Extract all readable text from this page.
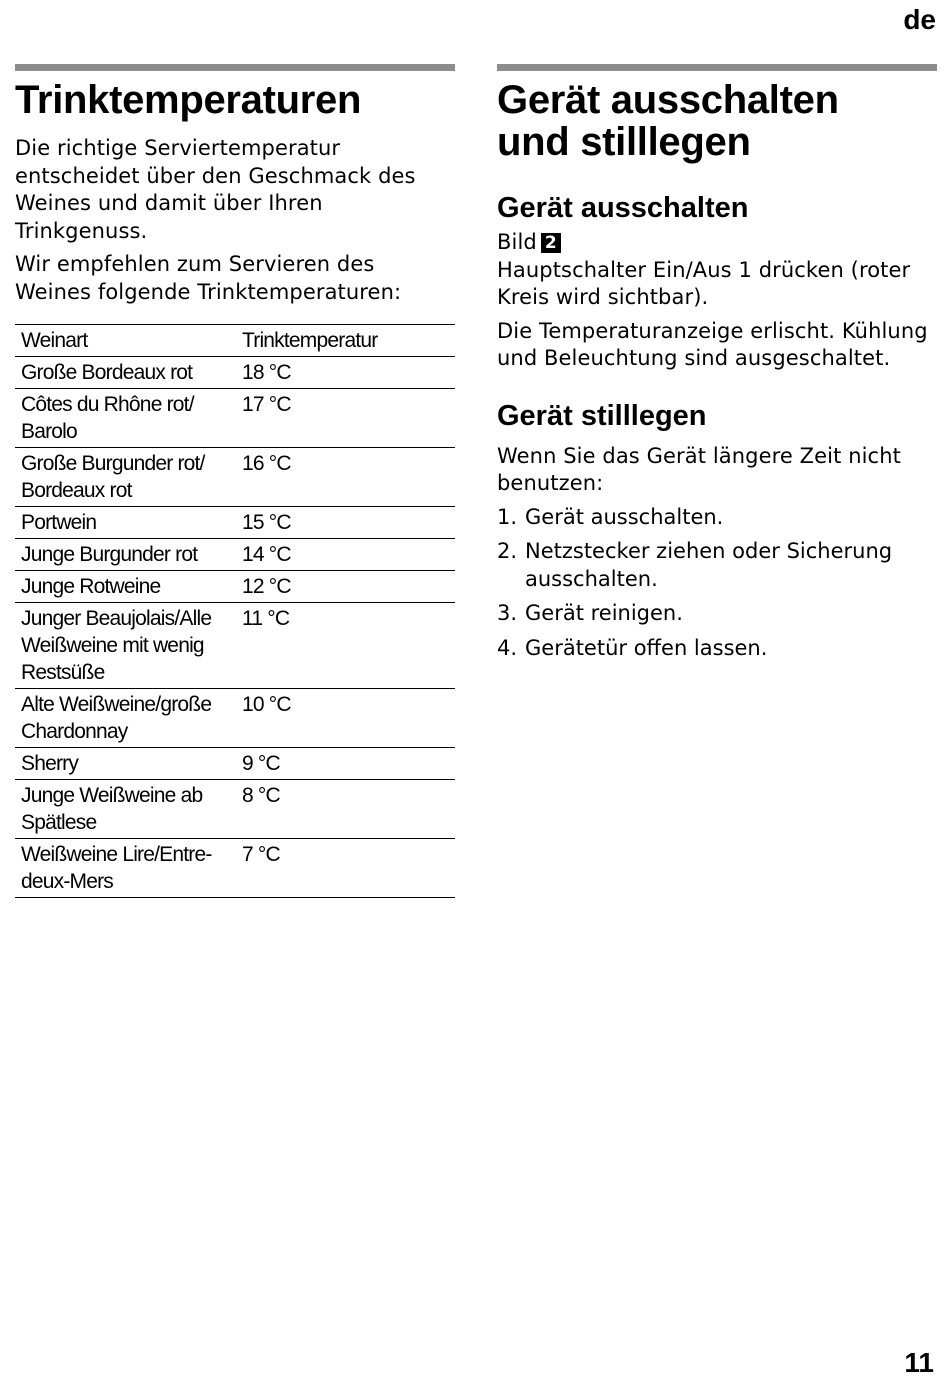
de
Trinktemperaturen

Die richtige Serviertemperatur entscheidet über den Geschmack des Weines und damit über Ihren Trinkgenuss.

Wir empfehlen zum Servieren des Weines folgende Trinktemperaturen:

Weinart	Trinktemperatur
Große Bordeaux rot	18 °C
Côtes du Rhône rot/ Barolo	17 °C
Große Burgunder rot/ Bordeaux rot	16 °C
Portwein	15 °C
Junge Burgunder rot	14 °C
Junge Rotweine	12 °C
Junger Beaujolais/Alle Weißweine mit wenig Restsüße	11 °C
Alte Weißweine/große Chardonnay	10 °C
Sherry	9 °C
Junge Weißweine ab Spätlese	8 °C
Weißweine Lire/Entre-deux-Mers	7 °C
Gerät ausschalten
und stilllegen
Gerät ausschalten

Bild 2

Hauptschalter Ein/Aus 1 drücken (roter Kreis wird sichtbar).

Die Temperaturanzeige erlischt. Kühlung und Beleuchtung sind ausgeschaltet.

Gerät stilllegen

Wenn Sie das Gerät längere Zeit nicht benutzen:

1. Gerät ausschalten.
2. Netzstecker ziehen oder Sicherung ausschalten.
3. Gerät reinigen.
4. Gerätetür offen lassen.
11
